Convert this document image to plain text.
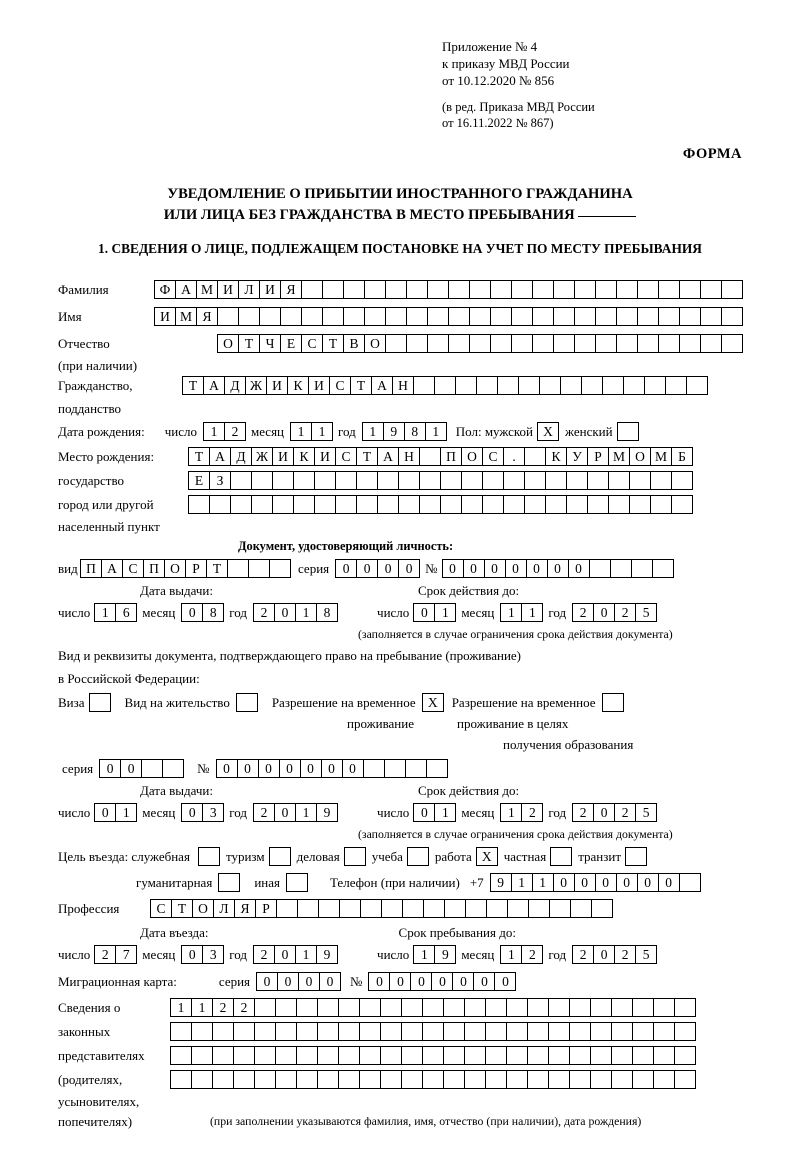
Приложение № 4
к приказу МВД России
от 10.12.2020 № 856
(в ред. Приказа МВД России
от 16.11.2022 № 867)
ФОРМА
УВЕДОМЛЕНИЕ О ПРИБЫТИИ ИНОСТРАННОГО ГРАЖДАНИНА
ИЛИ ЛИЦА БЕЗ ГРАЖДАНСТВА В МЕСТО ПРЕБЫВАНИЯ
1. СВЕДЕНИЯ О ЛИЦЕ, ПОДЛЕЖАЩЕМ ПОСТАНОВКЕ НА УЧЕТ ПО МЕСТУ ПРЕБЫВАНИЯ
Фамилия	Ф А М И Л И Я
Имя	И М Я
Отчество	О Т Ч Е С Т В О
(при наличии)
Гражданство,	Т А Д Ж И К И С Т А Н
подданство
Дата рождения: число	1	2 месяц	1	1 год	1	9	8	1	Пол: мужской X женский
Место рождения:	Т А Д Ж И К И С Т А Н	П О С	.	К У Р М О М Б
государство	Е З
город или другой
населенный пункт
Документ, удостоверяющий личность:
вид П А С П О Р Т	серия	0	0	0	0 № 0	0	0	0	0	0	0
Дата выдачи:	Срок действия до:
число 1	6 месяц	0	8 год	2	0	1	8	число 0	1 месяц	1	1 год	2	0	2	5
(заполняется в случае ограничения срока действия документа)
Вид и реквизиты документа, подтверждающего право на пребывание (проживание)
в Российской Федерации:
Виза	Вид на жительство	Разрешение на временное X	Разрешение на временное
проживание	проживание в целях
получения образования
серия	0	0	№	0	0	0	0	0	0	0
Дата выдачи:	Срок действия до:
число 0	1 месяц	0	3 год	2	0	1	9	число 0	1 месяц	1	2 год	2	0	2	5
(заполняется в случае ограничения срока действия документа)
Цель въезда: служебная	туризм деловая учеба работа X частная транзит
гуманитарная	иная	Телефон (при наличии) +7	9	1	1	0	0	0	0	0	0
Профессия	С Т О Л Я Р
Дата въезда:	Срок пребывания до:
число 2	7 месяц	0	3 год	2	0	1	9	число 1	9 месяц	1	2 год	2	0	2	5
Миграционная карта:	серия	0	0	0	0	№	0	0	0	0	0	0	0
Сведения о	1	1	2	2
законных
представителях
(родителях,
усыновителях,
попечителях)	(при заполнении указываются фамилия, имя, отчество (при наличии), дата рождения)
